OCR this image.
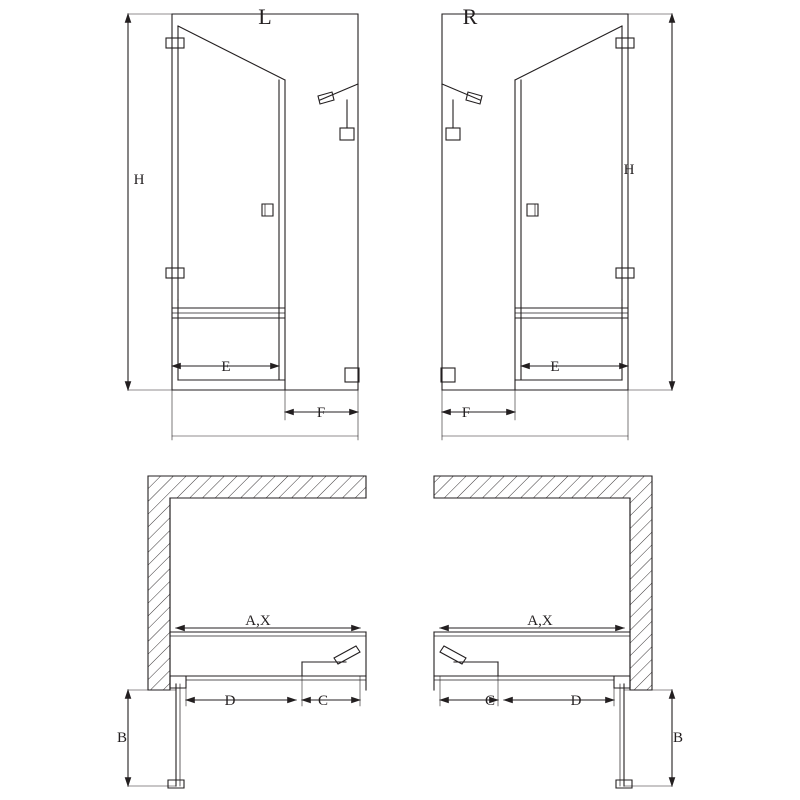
L	R
H
H
E
F
E
F
A,X	A,X
D	C	D
C
B	B
